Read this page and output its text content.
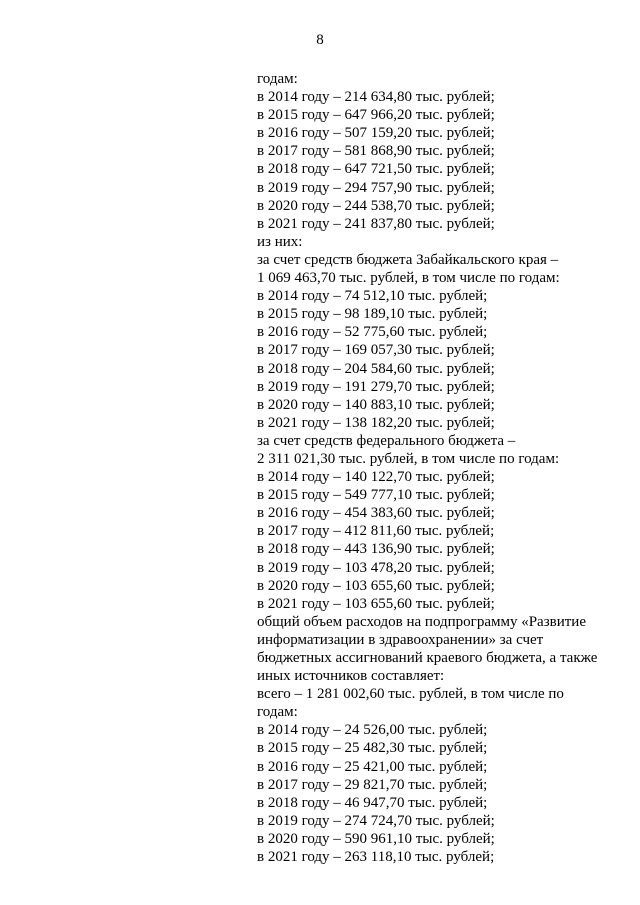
8
годам:
в 2014 году – 214 634,80 тыс. рублей;
в 2015 году – 647 966,20 тыс. рублей;
в 2016 году – 507 159,20 тыс. рублей;
в 2017 году – 581 868,90 тыс. рублей;
в 2018 году – 647 721,50 тыс. рублей;
в 2019 году – 294 757,90 тыс. рублей;
в 2020 году – 244 538,70 тыс. рублей;
в 2021 году – 241 837,80 тыс. рублей;
из них:
за счет средств бюджета Забайкальского края –
1 069 463,70 тыс. рублей, в том числе по годам:
в 2014 году – 74 512,10 тыс. рублей;
в 2015 году – 98 189,10 тыс. рублей;
в 2016 году – 52 775,60 тыс. рублей;
в 2017 году – 169 057,30 тыс. рублей;
в 2018 году – 204 584,60 тыс. рублей;
в 2019 году – 191 279,70 тыс. рублей;
в 2020 году – 140 883,10 тыс. рублей;
в 2021 году – 138 182,20 тыс. рублей;
за счет средств федерального бюджета –
2 311 021,30 тыс. рублей, в том числе по годам:
в 2014 году – 140 122,70 тыс. рублей;
в 2015 году – 549 777,10 тыс. рублей;
в 2016 году – 454 383,60 тыс. рублей;
в 2017 году – 412 811,60 тыс. рублей;
в 2018 году – 443 136,90 тыс. рублей;
в 2019 году – 103 478,20 тыс. рублей;
в 2020 году – 103 655,60 тыс. рублей;
в 2021 году – 103 655,60 тыс. рублей;
общий объем расходов на подпрограмму «Развитие
информатизации в здравоохранении» за счет
бюджетных ассигнований краевого бюджета, а также
иных источников составляет:
всего – 1 281 002,60 тыс. рублей, в том числе по
годам:
в 2014 году – 24 526,00 тыс. рублей;
в 2015 году – 25 482,30 тыс. рублей;
в 2016 году – 25 421,00 тыс. рублей;
в 2017 году – 29 821,70 тыс. рублей;
в 2018 году – 46 947,70 тыс. рублей;
в 2019 году – 274 724,70 тыс. рублей;
в 2020 году – 590 961,10 тыс. рублей;
в 2021 году – 263 118,10 тыс. рублей;
